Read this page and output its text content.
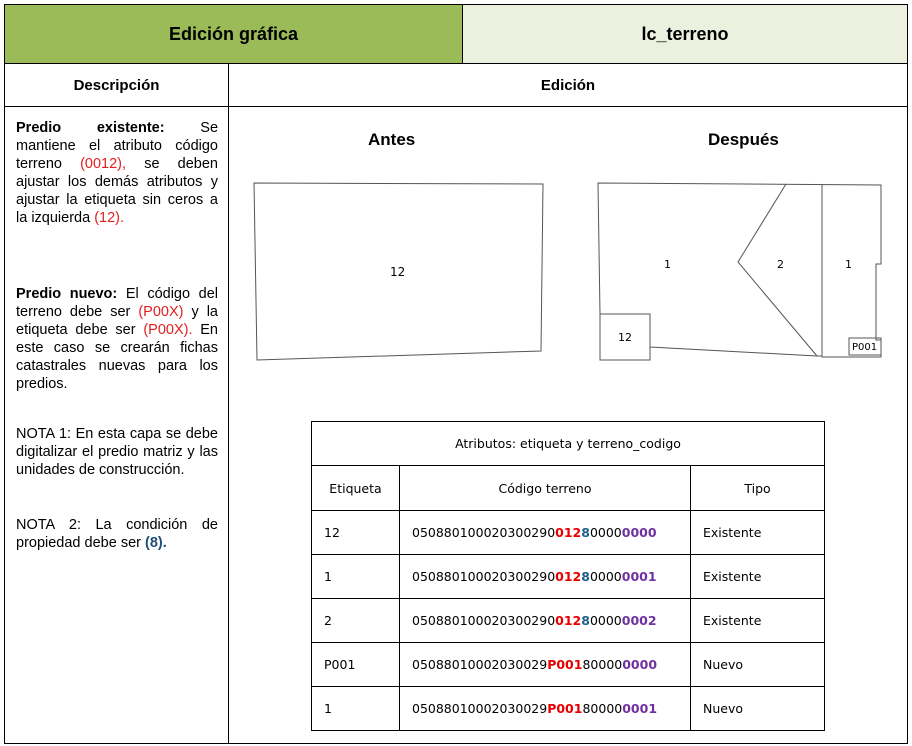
Edición gráfica	lc_terreno
Descripción	Edición
Predio existente: Se mantiene el atributo código terreno (0012), se deben ajustar los demás atributos y ajustar la etiqueta sin ceros a la izquierda (12).
Predio nuevo: El código del terreno debe ser (P00X) y la etiqueta debe ser (P00X). En este caso se crearán fichas catastrales nuevas para los predios.
NOTA 1: En esta capa se debe digitalizar el predio matriz y las unidades de construcción.
NOTA 2: La condición de propiedad debe ser (8).
Antes	Después
12
1	2	1
12
P001
Atributos: etiqueta y terreno_codigo		
Etiqueta	Código terreno	Tipo
12	050880100020300290012800000000	Existente
1	050880100020300290012800000001	Existente
2	050880100020300290012800000002	Existente
P001	05088010002030029P001800000000	Nuevo
1	05088010002030029P001800000001	Nuevo
